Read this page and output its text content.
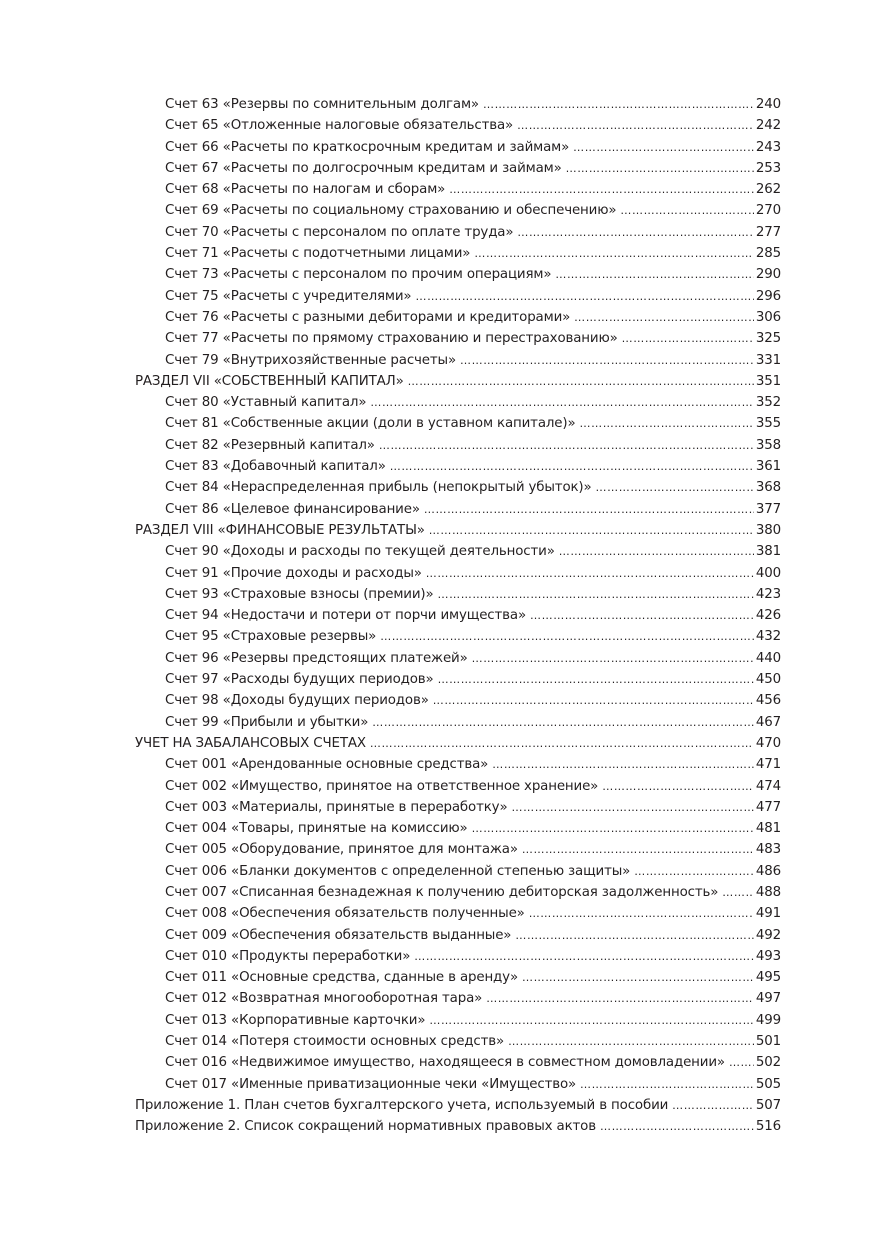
Счет 63 «Резервы по сомнительным долгам» …………………………………………………………………………………………………………………………………………………………………………………………………………………………	240
Счет 65 «Отложенные налоговые обязательства» …………………………………………………………………………………………………………………………………………………………………………………………………………………………	242
Счет 66 «Расчеты по краткосрочным кредитам и займам» …………………………………………………………………………………………………………………………………………………………………………………………………………………………	243
Счет 67 «Расчеты по долгосрочным кредитам и займам» …………………………………………………………………………………………………………………………………………………………………………………………………………………………	253
Счет 68 «Расчеты по налогам и сборам» …………………………………………………………………………………………………………………………………………………………………………………………………………………………	262
Счет 69 «Расчеты по социальному страхованию и обеспечению» …………………………………………………………………………………………………………………………………………………………………………………………………………………………	270
Счет 70 «Расчеты с персоналом по оплате труда» …………………………………………………………………………………………………………………………………………………………………………………………………………………………	277
Счет 71 «Расчеты с подотчетными лицами» …………………………………………………………………………………………………………………………………………………………………………………………………………………………	285
Счет 73 «Расчеты с персоналом по прочим операциям» …………………………………………………………………………………………………………………………………………………………………………………………………………………………	290
Счет 75 «Расчеты с учредителями» …………………………………………………………………………………………………………………………………………………………………………………………………………………………	296
Счет 76 «Расчеты с разными дебиторами и кредиторами» …………………………………………………………………………………………………………………………………………………………………………………………………………………………	306
Счет 77 «Расчеты по прямому страхованию и перестрахованию» …………………………………………………………………………………………………………………………………………………………………………………………………………………………	325
Счет 79 «Внутрихозяйственные расчеты» …………………………………………………………………………………………………………………………………………………………………………………………………………………………	331
РАЗДЕЛ VII «СОБСТВЕННЫЙ КАПИТАЛ» …………………………………………………………………………………………………………………………………………………………………………………………………………………………	351
Счет 80 «Уставный капитал» …………………………………………………………………………………………………………………………………………………………………………………………………………………………	352
Счет 81 «Собственные акции (доли в уставном капитале)» …………………………………………………………………………………………………………………………………………………………………………………………………………………………	355
Счет 82 «Резервный капитал» …………………………………………………………………………………………………………………………………………………………………………………………………………………………	358
Счет 83 «Добавочный капитал» …………………………………………………………………………………………………………………………………………………………………………………………………………………………	361
Счет 84 «Нераспределенная прибыль (непокрытый убыток)» …………………………………………………………………………………………………………………………………………………………………………………………………………………………	368
Счет 86 «Целевое финансирование» …………………………………………………………………………………………………………………………………………………………………………………………………………………………	377
РАЗДЕЛ VIII «ФИНАНСОВЫЕ РЕЗУЛЬТАТЫ» …………………………………………………………………………………………………………………………………………………………………………………………………………………………	380
Счет 90 «Доходы и расходы по текущей деятельности» …………………………………………………………………………………………………………………………………………………………………………………………………………………………	381
Счет 91 «Прочие доходы и расходы» …………………………………………………………………………………………………………………………………………………………………………………………………………………………	400
Счет 93 «Страховые взносы (премии)» …………………………………………………………………………………………………………………………………………………………………………………………………………………………	423
Счет 94 «Недостачи и потери от порчи имущества» …………………………………………………………………………………………………………………………………………………………………………………………………………………………	426
Счет 95 «Страховые резервы» …………………………………………………………………………………………………………………………………………………………………………………………………………………………	432
Счет 96 «Резервы предстоящих платежей» …………………………………………………………………………………………………………………………………………………………………………………………………………………………	440
Счет 97 «Расходы будущих периодов» …………………………………………………………………………………………………………………………………………………………………………………………………………………………	450
Счет 98 «Доходы будущих периодов» …………………………………………………………………………………………………………………………………………………………………………………………………………………………	456
Счет 99 «Прибыли и убытки» …………………………………………………………………………………………………………………………………………………………………………………………………………………………	467
УЧЕТ НА ЗАБАЛАНСОВЫХ СЧЕТАХ …………………………………………………………………………………………………………………………………………………………………………………………………………………………	470
Счет 001 «Арендованные основные средства» …………………………………………………………………………………………………………………………………………………………………………………………………………………………	471
Счет 002 «Имущество, принятое на ответственное хранение» …………………………………………………………………………………………………………………………………………………………………………………………………………………………	474
Счет 003 «Материалы, принятые в переработку» …………………………………………………………………………………………………………………………………………………………………………………………………………………………	477
Счет 004 «Товары, принятые на комиссию» …………………………………………………………………………………………………………………………………………………………………………………………………………………………	481
Счет 005 «Оборудование, принятое для монтажа» …………………………………………………………………………………………………………………………………………………………………………………………………………………………	483
Счет 006 «Бланки документов с определенной степенью защиты» …………………………………………………………………………………………………………………………………………………………………………………………………………………………	486
Счет 007 «Списанная безнадежная к получению дебиторская задолженность» …………………………………………………………………………………………………………………………………………………………………………………………………………………………	488
Счет 008 «Обеспечения обязательств полученные» …………………………………………………………………………………………………………………………………………………………………………………………………………………………	491
Счет 009 «Обеспечения обязательств выданные» …………………………………………………………………………………………………………………………………………………………………………………………………………………………	492
Счет 010 «Продукты переработки» …………………………………………………………………………………………………………………………………………………………………………………………………………………………	493
Счет 011 «Основные средства, сданные в аренду» …………………………………………………………………………………………………………………………………………………………………………………………………………………………	495
Счет 012 «Возвратная многооборотная тара» …………………………………………………………………………………………………………………………………………………………………………………………………………………………	497
Счет 013 «Корпоративные карточки» …………………………………………………………………………………………………………………………………………………………………………………………………………………………	499
Счет 014 «Потеря стоимости основных средств» …………………………………………………………………………………………………………………………………………………………………………………………………………………………	501
Счет 016 «Недвижимое имущество, находящееся в совместном домовладении» ………………………………………………………………………………………………………………………………………………………………………………………………………………………… 502
Счет 017 «Именные приватизационные чеки «Имущество» …………………………………………………………………………………………………………………………………………………………………………………………………………………………	505
Приложение 1. План счетов бухгалтерского учета, используемый в пособии …………………………………………………………………………………………………………………………………………………………………………………………………………………………	507
Приложение 2. Список сокращений нормативных правовых актов …………………………………………………………………………………………………………………………………………………………………………………………………………………………	516
